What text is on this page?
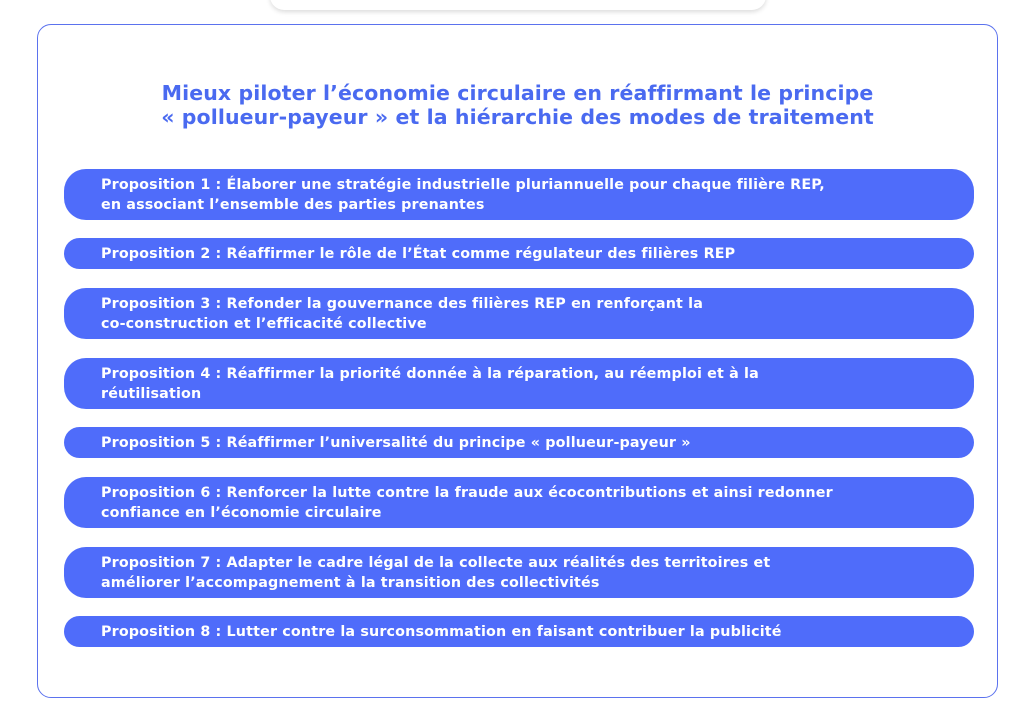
Mieux piloter l’économie circulaire en réaffirmant le principe
« pollueur-payeur » et la hiérarchie des modes de traitement
Proposition 1 : Élaborer une stratégie industrielle pluriannuelle pour chaque filière REP,
en associant l’ensemble des parties prenantes
Proposition 2 : Réaffirmer le rôle de l’État comme régulateur des filières REP
Proposition 3 : Refonder la gouvernance des filières REP en renforçant la
co-construction et l’efficacité collective
Proposition 4 : Réaffirmer la priorité donnée à la réparation, au réemploi et à la
réutilisation
Proposition 5 : Réaffirmer l’universalité du principe « pollueur-payeur »
Proposition 6 : Renforcer la lutte contre la fraude aux écocontributions et ainsi redonner
confiance en l’économie circulaire
Proposition 7 : Adapter le cadre légal de la collecte aux réalités des territoires et
améliorer l’accompagnement à la transition des collectivités
Proposition 8 : Lutter contre la surconsommation en faisant contribuer la publicité
